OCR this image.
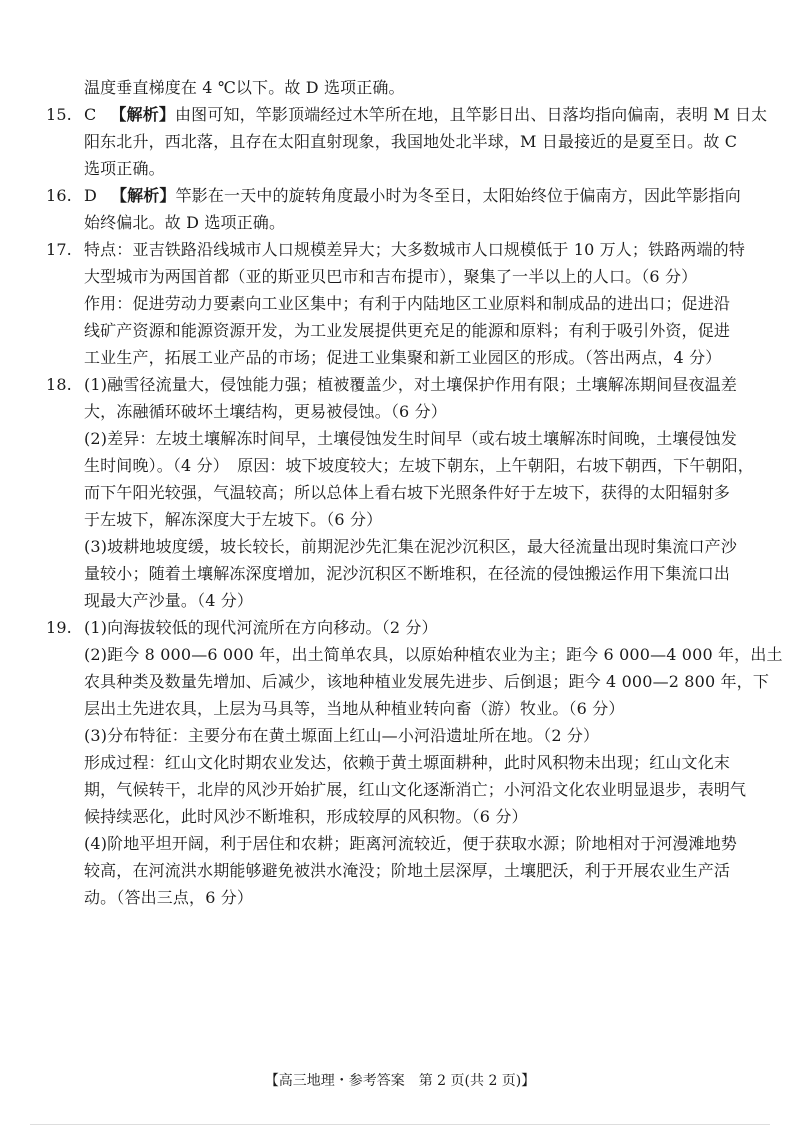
温度垂直梯度在 4 ℃以下。故 D 选项正确。
15. C 【解析】由图可知，竿影顶端经过木竿所在地，且竿影日出、日落均指向偏南，表明 M 日太
阳东北升，西北落，且存在太阳直射现象，我国地处北半球，M 日最接近的是夏至日。故 C
选项正确。
16. D 【解析】竿影在一天中的旋转角度最小时为冬至日，太阳始终位于偏南方，因此竿影指向
始终偏北。故 D 选项正确。
17. 特点：亚吉铁路沿线城市人口规模差异大；大多数城市人口规模低于 10 万人；铁路两端的特
大型城市为两国首都（亚的斯亚贝巴市和吉布提市），聚集了一半以上的人口。（6 分）
作用：促进劳动力要素向工业区集中；有利于内陆地区工业原料和制成品的进出口；促进沿
线矿产资源和能源资源开发，为工业发展提供更充足的能源和原料；有利于吸引外资，促进
工业生产，拓展工业产品的市场；促进工业集聚和新工业园区的形成。（答出两点，4 分）
18. (1)融雪径流量大，侵蚀能力强；植被覆盖少，对土壤保护作用有限；土壤解冻期间昼夜温差
大，冻融循环破坏土壤结构，更易被侵蚀。（6 分）
(2)差异：左坡土壤解冻时间早，土壤侵蚀发生时间早（或右坡土壤解冻时间晚，土壤侵蚀发
生时间晚）。（4 分）　原因：坡下坡度较大；左坡下朝东，上午朝阳，右坡下朝西，下午朝阳，
而下午阳光较强，气温较高；所以总体上看右坡下光照条件好于左坡下，获得的太阳辐射多
于左坡下，解冻深度大于左坡下。（6 分）
(3)坡耕地坡度缓，坡长较长，前期泥沙先汇集在泥沙沉积区，最大径流量出现时集流口产沙
量较小；随着土壤解冻深度增加，泥沙沉积区不断堆积，在径流的侵蚀搬运作用下集流口出
现最大产沙量。（4 分）
19. (1)向海拔较低的现代河流所在方向移动。（2 分）
(2)距今 8 000—6 000 年，出土简单农具，以原始种植农业为主；距今 6 000—4 000 年，出土
农具种类及数量先增加、后减少，该地种植业发展先进步、后倒退；距今 4 000—2 800 年，下
层出土先进农具，上层为马具等，当地从种植业转向畜（游）牧业。（6 分）
(3)分布特征：主要分布在黄土塬面上红山—小河沿遗址所在地。（2 分）
形成过程：红山文化时期农业发达，依赖于黄土塬面耕种，此时风积物未出现；红山文化末
期，气候转干，北岸的风沙开始扩展，红山文化逐渐消亡；小河沿文化农业明显退步，表明气
候持续恶化，此时风沙不断堆积，形成较厚的风积物。（6 分）
(4)阶地平坦开阔，利于居住和农耕；距离河流较近，便于获取水源；阶地相对于河漫滩地势
较高，在河流洪水期能够避免被洪水淹没；阶地土层深厚，土壤肥沃，利于开展农业生产活
动。（答出三点，6 分）
【高三地理・参考答案　第 2 页(共 2 页)】
